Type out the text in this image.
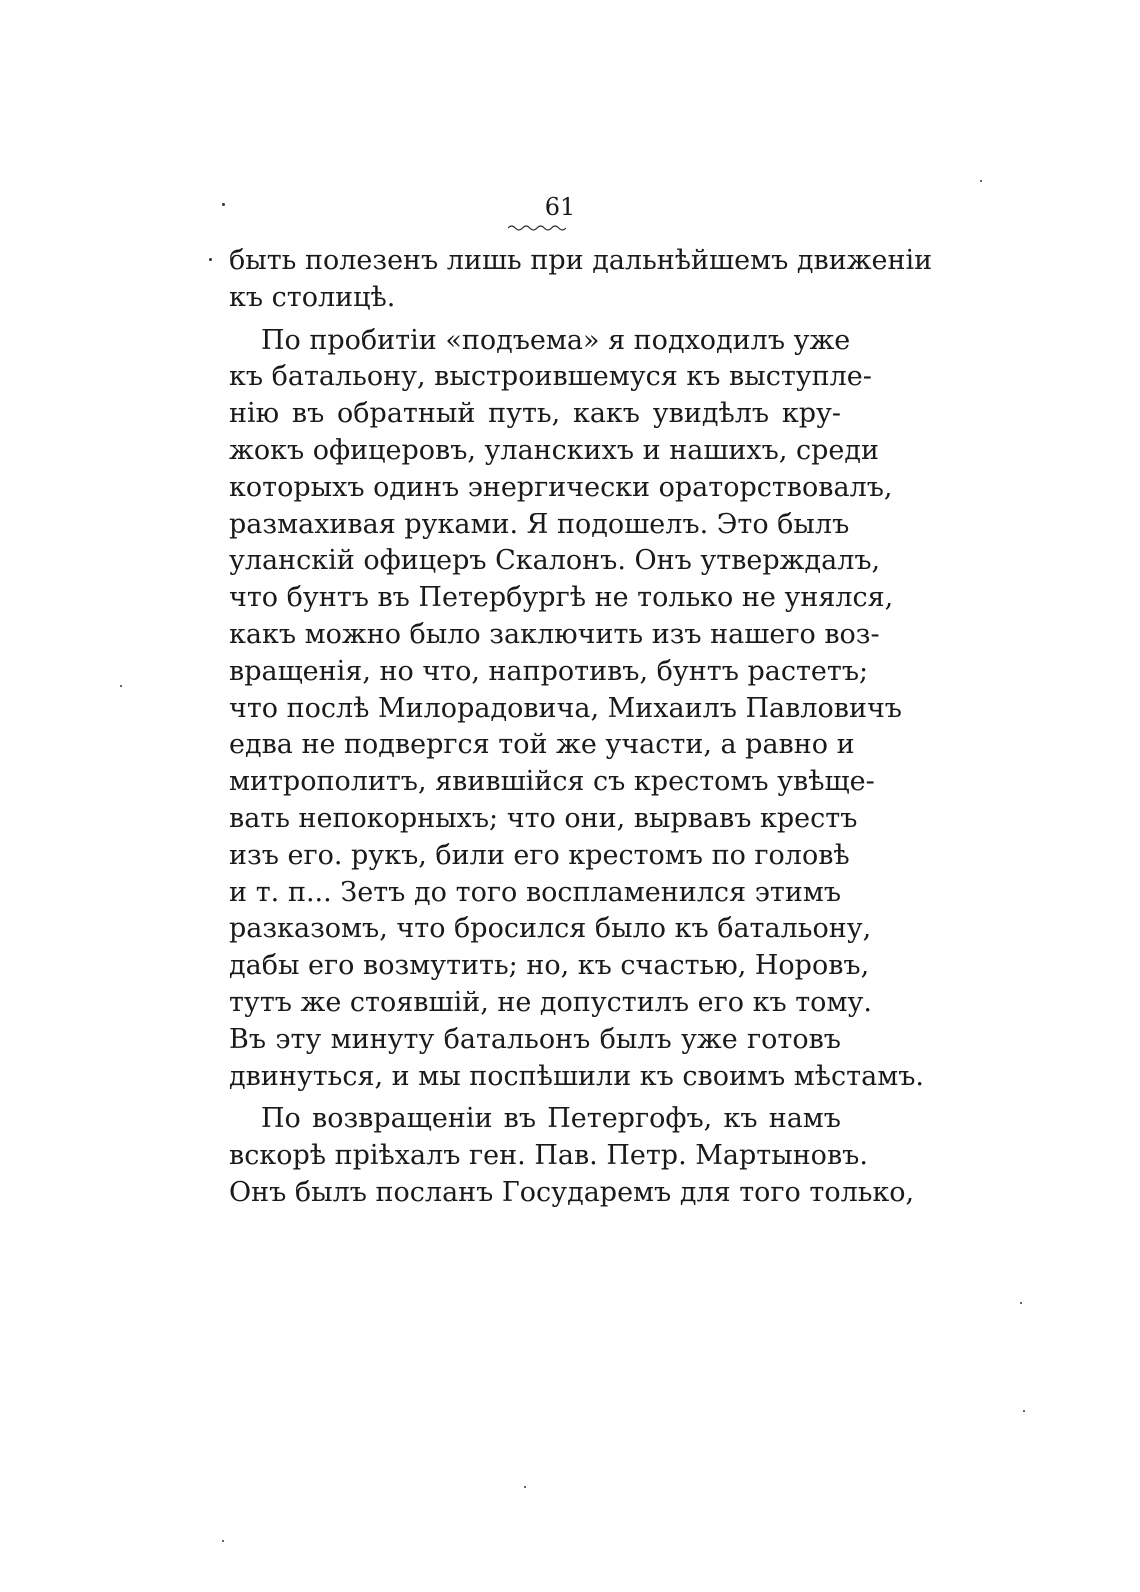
61
быть полезенъ лишь при дальнѣйшемъ движеніи
къ столицѣ.
По пробитіи «подъема» я подходилъ уже
къ батальону, выстроившемуся къ выступле-
нію въ обратный путь, какъ увидѣлъ кру-
жокъ офицеровъ, уланскихъ и нашихъ, среди
которыхъ одинъ энергически ораторствовалъ,
размахивая руками. Я подошелъ. Это былъ
уланскій офицеръ Скалонъ. Онъ утверждалъ,
что бунтъ въ Петербургѣ не только не унялся,
какъ можно было заключить изъ нашего воз-
вращенія, но что, напротивъ, бунтъ растетъ;
что послѣ Милорадовича, Михаилъ Павловичъ
едва не подвергся той же участи, а равно и
митрополитъ, явившійся съ крестомъ увѣще-
вать непокорныхъ; что они, вырвавъ крестъ
изъ его. рукъ, били его крестомъ по головѣ
и т. п... Зетъ до того воспламенился этимъ
разказомъ, что бросился было къ батальону,
дабы его возмутить; но, къ счастью, Норовъ,
тутъ же стоявшій, не допустилъ его къ тому.
Въ эту минуту батальонъ былъ уже готовъ
двинуться, и мы поспѣшили къ своимъ мѣстамъ.
По возвращеніи въ Петергофъ, къ намъ
вскорѣ пріѣхалъ ген. Пав. Петр. Мартыновъ.
Онъ былъ посланъ Государемъ для того только,
